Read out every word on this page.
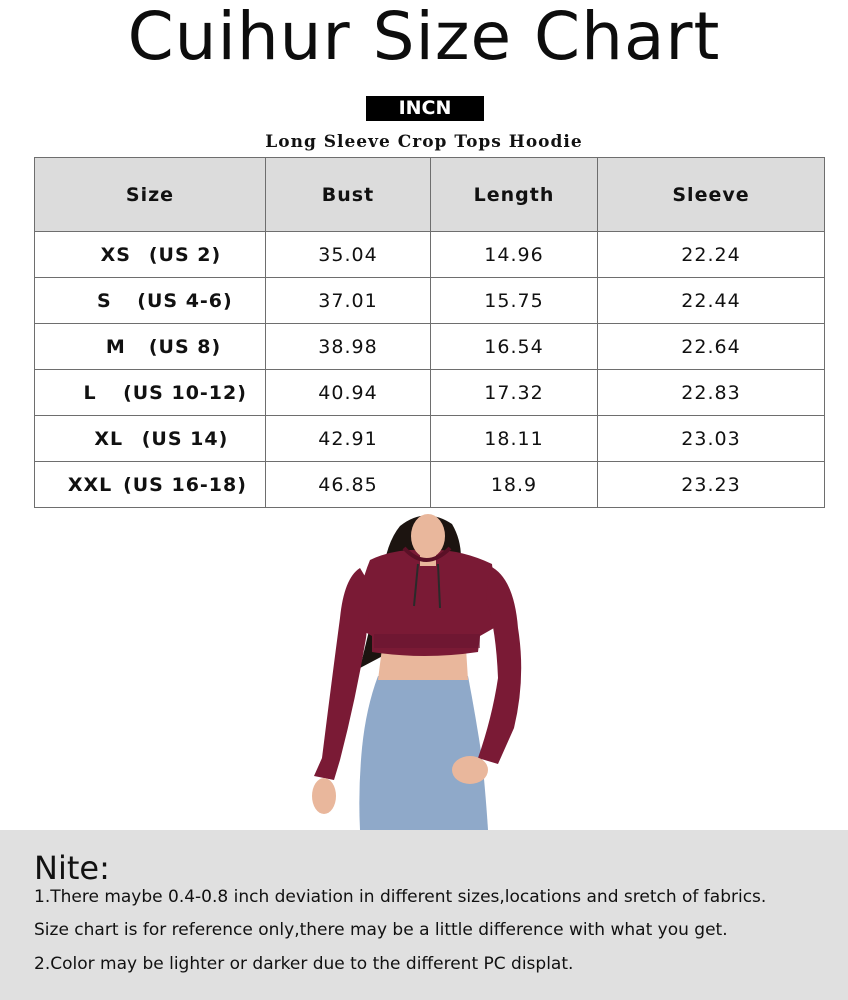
Cuihur Size Chart
INCN
Long Sleeve Crop Tops Hoodie
Size	Bust	Length	Sleeve
XS (US 2)	35.04	14.96	22.24
S (US 4-6)	37.01	15.75	22.44
M (US 8)	38.98	16.54	22.64
L (US 10-12)	40.94	17.32	22.83
XL (US 14)	42.91	18.11	23.03
XXL (US 16-18)	46.85	18.9	23.23
Nite:
1.There maybe 0.4-0.8 inch deviation in different sizes,locations and sretch of fabrics.
Size chart is for reference only,there may be a little difference with what you get.
2.Color may be lighter or darker due to the different PC displat.
